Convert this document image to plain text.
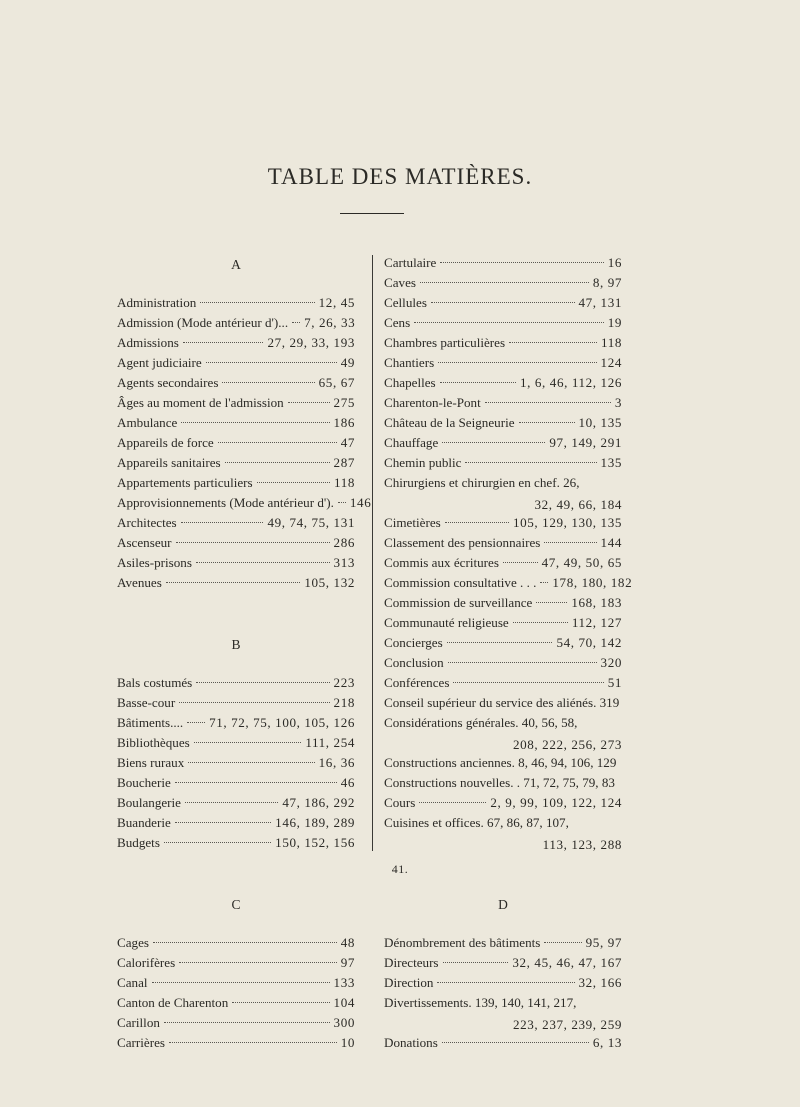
TABLE DES MATIÈRES.
A
Administration	12, 45
Admission (Mode antérieur d')... 7, 26, 33
Admissions	27, 29, 33, 193
Agent judiciaire	49
Agents secondaires	65, 67
Âges au moment de l'admission	275
Ambulance	186
Appareils de force	47
Appareils sanitaires	287
Appartements particuliers	118
Approvisionnements (Mode antérieur d'). 146
Architectes	49, 74, 75, 131
Ascenseur	286
Asiles-prisons	313
Avenues	105, 132
B
Bals costumés	223
Basse-cour	218
Bâtiments.... 71, 72, 75, 100, 105, 126
Bibliothèques	111, 254
Biens ruraux	16, 36
Boucherie	46
Boulangerie	47, 186, 292
Buanderie	146, 189, 289
Budgets	150, 152, 156
C
Cages	48
Calorifères	97
Canal	133
Canton de Charenton	104
Carillon	300
Carrières	10
Cartulaire	16
Caves	8, 97
Cellules	47, 131
Cens	19
Chambres particulières	118
Chantiers	124
Chapelles	1, 6, 46, 112, 126
Charenton-le-Pont	3
Château de la Seigneurie	10, 135
Chauffage	97, 149, 291
Chemin public	135
Chirurgiens et chirurgien en chef. 26,
32, 49, 66, 184
Cimetières	105, 129, 130, 135
Classement des pensionnaires	144
Commis aux écritures	47, 49, 50, 65
Commission consultative . . . 178, 180, 182
Commission de surveillance	168, 183
Communauté religieuse	112, 127
Concierges	54, 70, 142
Conclusion	320
Conférences	51
Conseil supérieur du service des aliénés. 319
Considérations générales. 40, 56, 58,
208, 222, 256, 273
Constructions anciennes. 8, 46, 94, 106, 129
Constructions nouvelles. . 71, 72, 75, 79, 83
Cours	2, 9, 99, 109, 122, 124
Cuisines et offices. 67, 86, 87, 107,
113, 123, 288
D
Dénombrement des bâtiments	95, 97
Directeurs	32, 45, 46, 47, 167
Direction	32, 166
Divertissements. 139, 140, 141, 217,
223, 237, 239, 259
Donations	6, 13
41.
